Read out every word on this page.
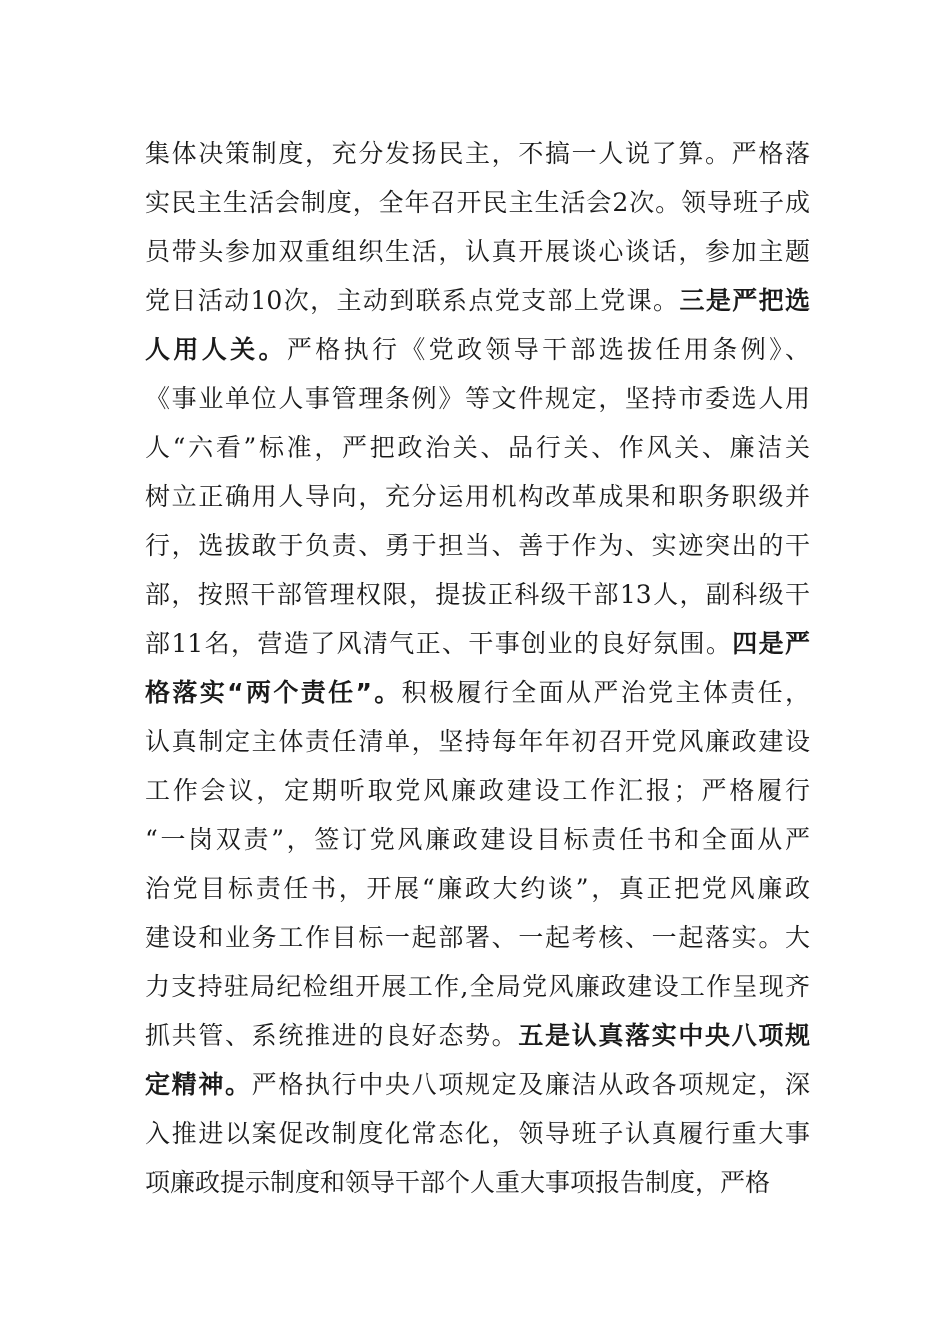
集体决策制度，充分发扬民主，不搞一人说了算。严格落
实民主生活会制度，全年召开民主生活会2次。领导班子成
员带头参加双重组织生活，认真开展谈心谈话，参加主题
党日活动10次，主动到联系点党支部上党课。三是严把选
人用人关。严格执行《党政领导干部选拔任用条例》、
《事业单位人事管理条例》等文件规定，坚持市委选人用
人“六看”标准，严把政治关、品行关、作风关、廉洁关
树立正确用人导向，充分运用机构改革成果和职务职级并
行，选拔敢于负责、勇于担当、善于作为、实迹突出的干
部，按照干部管理权限，提拔正科级干部13人，副科级干
部11名，营造了风清气正、干事创业的良好氛围。四是严
格落实“两个责任”。积极履行全面从严治党主体责任，
认真制定主体责任清单，坚持每年年初召开党风廉政建设
工作会议，定期听取党风廉政建设工作汇报；严格履行
“一岗双责”，签订党风廉政建设目标责任书和全面从严
治党目标责任书，开展“廉政大约谈”，真正把党风廉政
建设和业务工作目标一起部署、一起考核、一起落实。大
力支持驻局纪检组开展工作,全局党风廉政建设工作呈现齐
抓共管、系统推进的良好态势。五是认真落实中央八项规
定精神。严格执行中央八项规定及廉洁从政各项规定，深
入推进以案促改制度化常态化，领导班子认真履行重大事
项廉政提示制度和领导干部个人重大事项报告制度，严格
